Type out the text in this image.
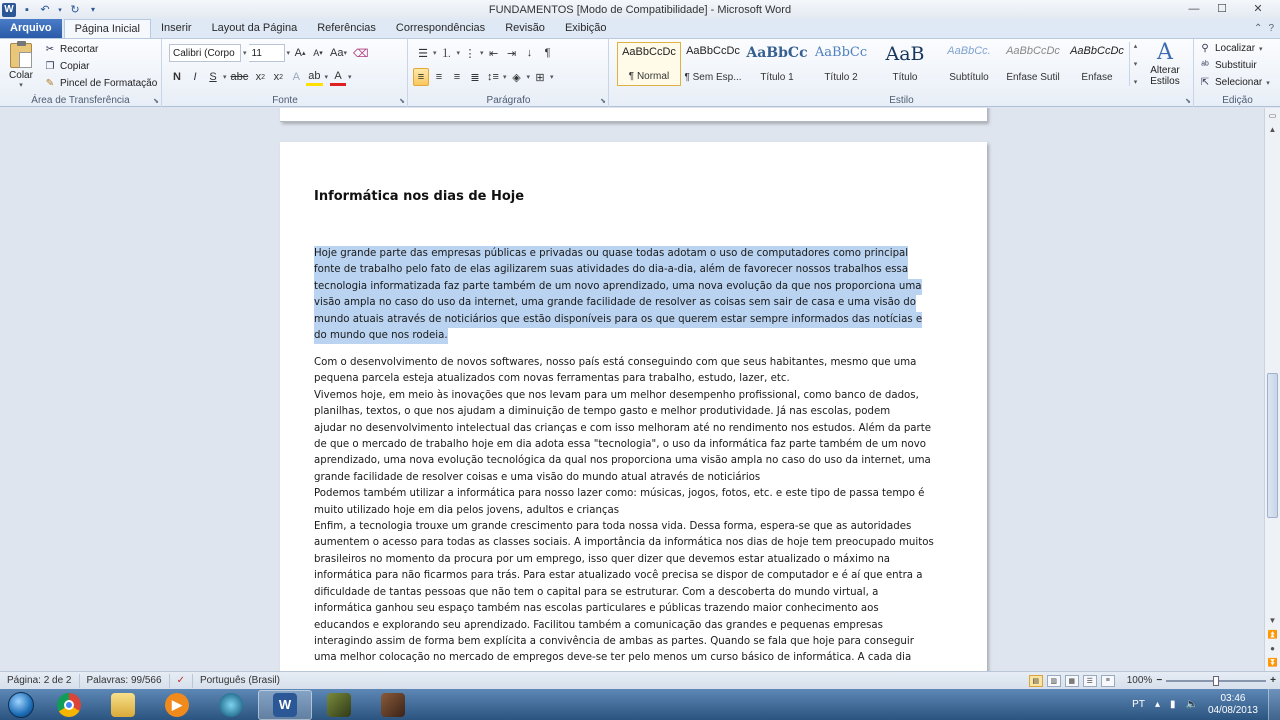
W	▪	↶	▾ ↻	▾	FUNDAMENTOS [Modo de Compatibilidade] - Microsoft Word	—	☐	✕
Arquivo	Página Inicial	Inserir	Layout da Página	Referências	Correspondências	Revisão	Exibição	⌃ ?
Colar
▾
✂ Recortar
❐ Copiar
✎ Pincel de Formatação
Área de Transferência	⬊
Calibri (Corpo	▾ 11	▾ A ▴ A ▾ Aa ▾ ⌫
N	I	S ▾ abc x 2 x 2 A ab ▾ A ▾
Fonte	⬊
☰ ▾ ⒈ ▾ ⋮ ▾ ⇤ ⇥ ↓	¶
≡	≡	≡ ≣ ↕≡ ▾ ◈ ▾ ⊞ ▾
Parágrafo	⬊	Estilo	⬊
AaBbCcDc
¶ Normal
AaBbCcDc
¶ Sem Esp...
AaBbCc
Título 1
AaBbCc
Título 2
AaB
Título
AaBbCc.
Subtítulo
AaBbCcDc
Ênfase Sutil
AaBbCcDc
Ênfase
▴
▾
▾
A
Alterar Estilos
⚲ Localizar ▾
ᵃᵇ Substituir
⇱ Selecionar ▾
Edição
Informática nos dias de Hoje
Hoje grande parte das empresas públicas e privadas ou quase todas adotam o uso de computadores como principal
fonte de trabalho pelo fato de elas agilizarem suas atividades do dia-a-dia, além de favorecer nossos trabalhos essa
tecnologia informatizada faz parte também de um novo aprendizado, uma nova evolução da que nos proporciona uma
visão ampla no caso do uso da internet, uma grande facilidade de resolver as coisas sem sair de casa e uma visão do
mundo atuais através de noticiários que estão disponíveis para os que querem estar sempre informados das notícias e
do mundo que nos rodeia.
Com o desenvolvimento de novos softwares, nosso país está conseguindo com que seus habitantes, mesmo que uma
pequena parcela esteja atualizados com novas ferramentas para trabalho, estudo, lazer, etc.
Vivemos hoje, em meio às inovações que nos levam para um melhor desempenho profissional, como banco de dados,
planilhas, textos, o que nos ajudam a diminuição de tempo gasto e melhor produtividade. Já nas escolas, podem
ajudar no desenvolvimento intelectual das crianças e com isso melhoram até no rendimento nos estudos. Além da parte
de que o mercado de trabalho hoje em dia adota essa "tecnologia", o uso da informática faz parte também de um novo
aprendizado, uma nova evolução tecnológica da qual nos proporciona uma visão ampla no caso do uso da internet, uma
grande facilidade de resolver coisas e uma visão do mundo atual através de noticiários
Podemos também utilizar a informática para nosso lazer como: músicas, jogos, fotos, etc. e este tipo de passa tempo é
muito utilizado hoje em dia pelos jovens, adultos e crianças
Enfim, a tecnologia trouxe um grande crescimento para toda nossa vida. Dessa forma, espera-se que as autoridades
aumentem o acesso para todas as classes sociais. A importância da informática nos dias de hoje tem preocupado muitos
brasileiros no momento da procura por um emprego, isso quer dizer que devemos estar atualizado o máximo na
informática para não ficarmos para trás. Para estar atualizado você precisa se dispor de computador e é aí que entra a
dificuldade de tantas pessoas que não tem o capital para se estruturar. Com a descoberta do mundo virtual, a
informática ganhou seu espaço também nas escolas particulares e públicas trazendo maior conhecimento aos
educandos e explorando seu aprendizado. Facilitou também a comunicação das grandes e pequenas empresas
interagindo assim de forma bem explícita a convivência de ambas as partes. Quando se fala que hoje para conseguir
uma melhor colocação no mercado de empregos deve-se ter pelo menos um curso básico de informática. A cada dia
▭
▲
▼
⏫
●
⏬
Página: 2 de 2	Palavras: 99/566	✓	Português (Brasil)	▤	▥	▦	☰	≡	100% −	+
▶	W	PT ▴ ▮ 🔈
03:46
04/08/2013
